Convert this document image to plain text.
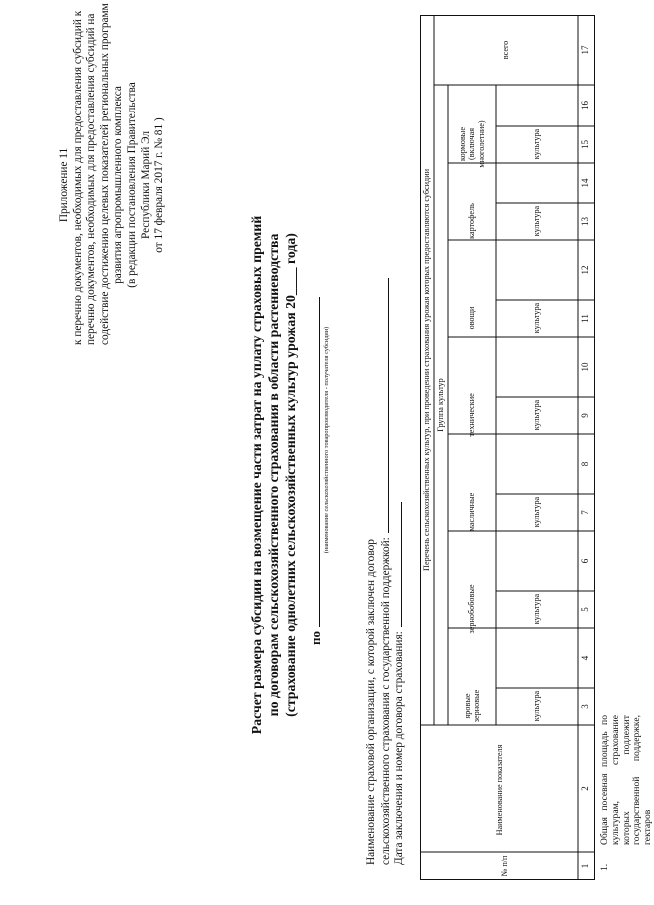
Приложение 11 к перечню документов, необходимых для предоставления субсидий к перечню документов, необходимых для предоставления субсидий на содействие достижению целевых показателей региональных программ развития агропромышленного комплекса (в редакции постановления Правительства Республики Марий Эл от 17 февраля 2017 г. № 81 )
Расчет размера субсидии на возмещение части затрат на уплату страховых премий по договорам сельскохозяйственного страхования в области растениеводства (страхование однолетних сельскохозяйственных культур урожая 20____ года) по
(наименование сельскохозяйственного товаропроизводителя - получателя субсидии)
Наименование страховой организации, с которой заключен договор сельскохозяйственного страхования с государственной поддержкой: Дата заключения и номер договора страхования:
№ п/п
Наименование показателя
Перечень сельскохозяйственных культур, при проведении страхования урожая которых предоставляются субсидии Группа культур
яровые зерновые
зернобобовые
масличные
технические
овощи
картофель
кормовые (включая многолетние)
всего
культура
культура
культура
культура
культура
культура
культура
1
2
3
4
5
6
7
8
9
10
11
12
13
14
15
16
17
1.
Общая посевная площадь по культурам, страхование которых подлежит государственной поддержке, гектаров
